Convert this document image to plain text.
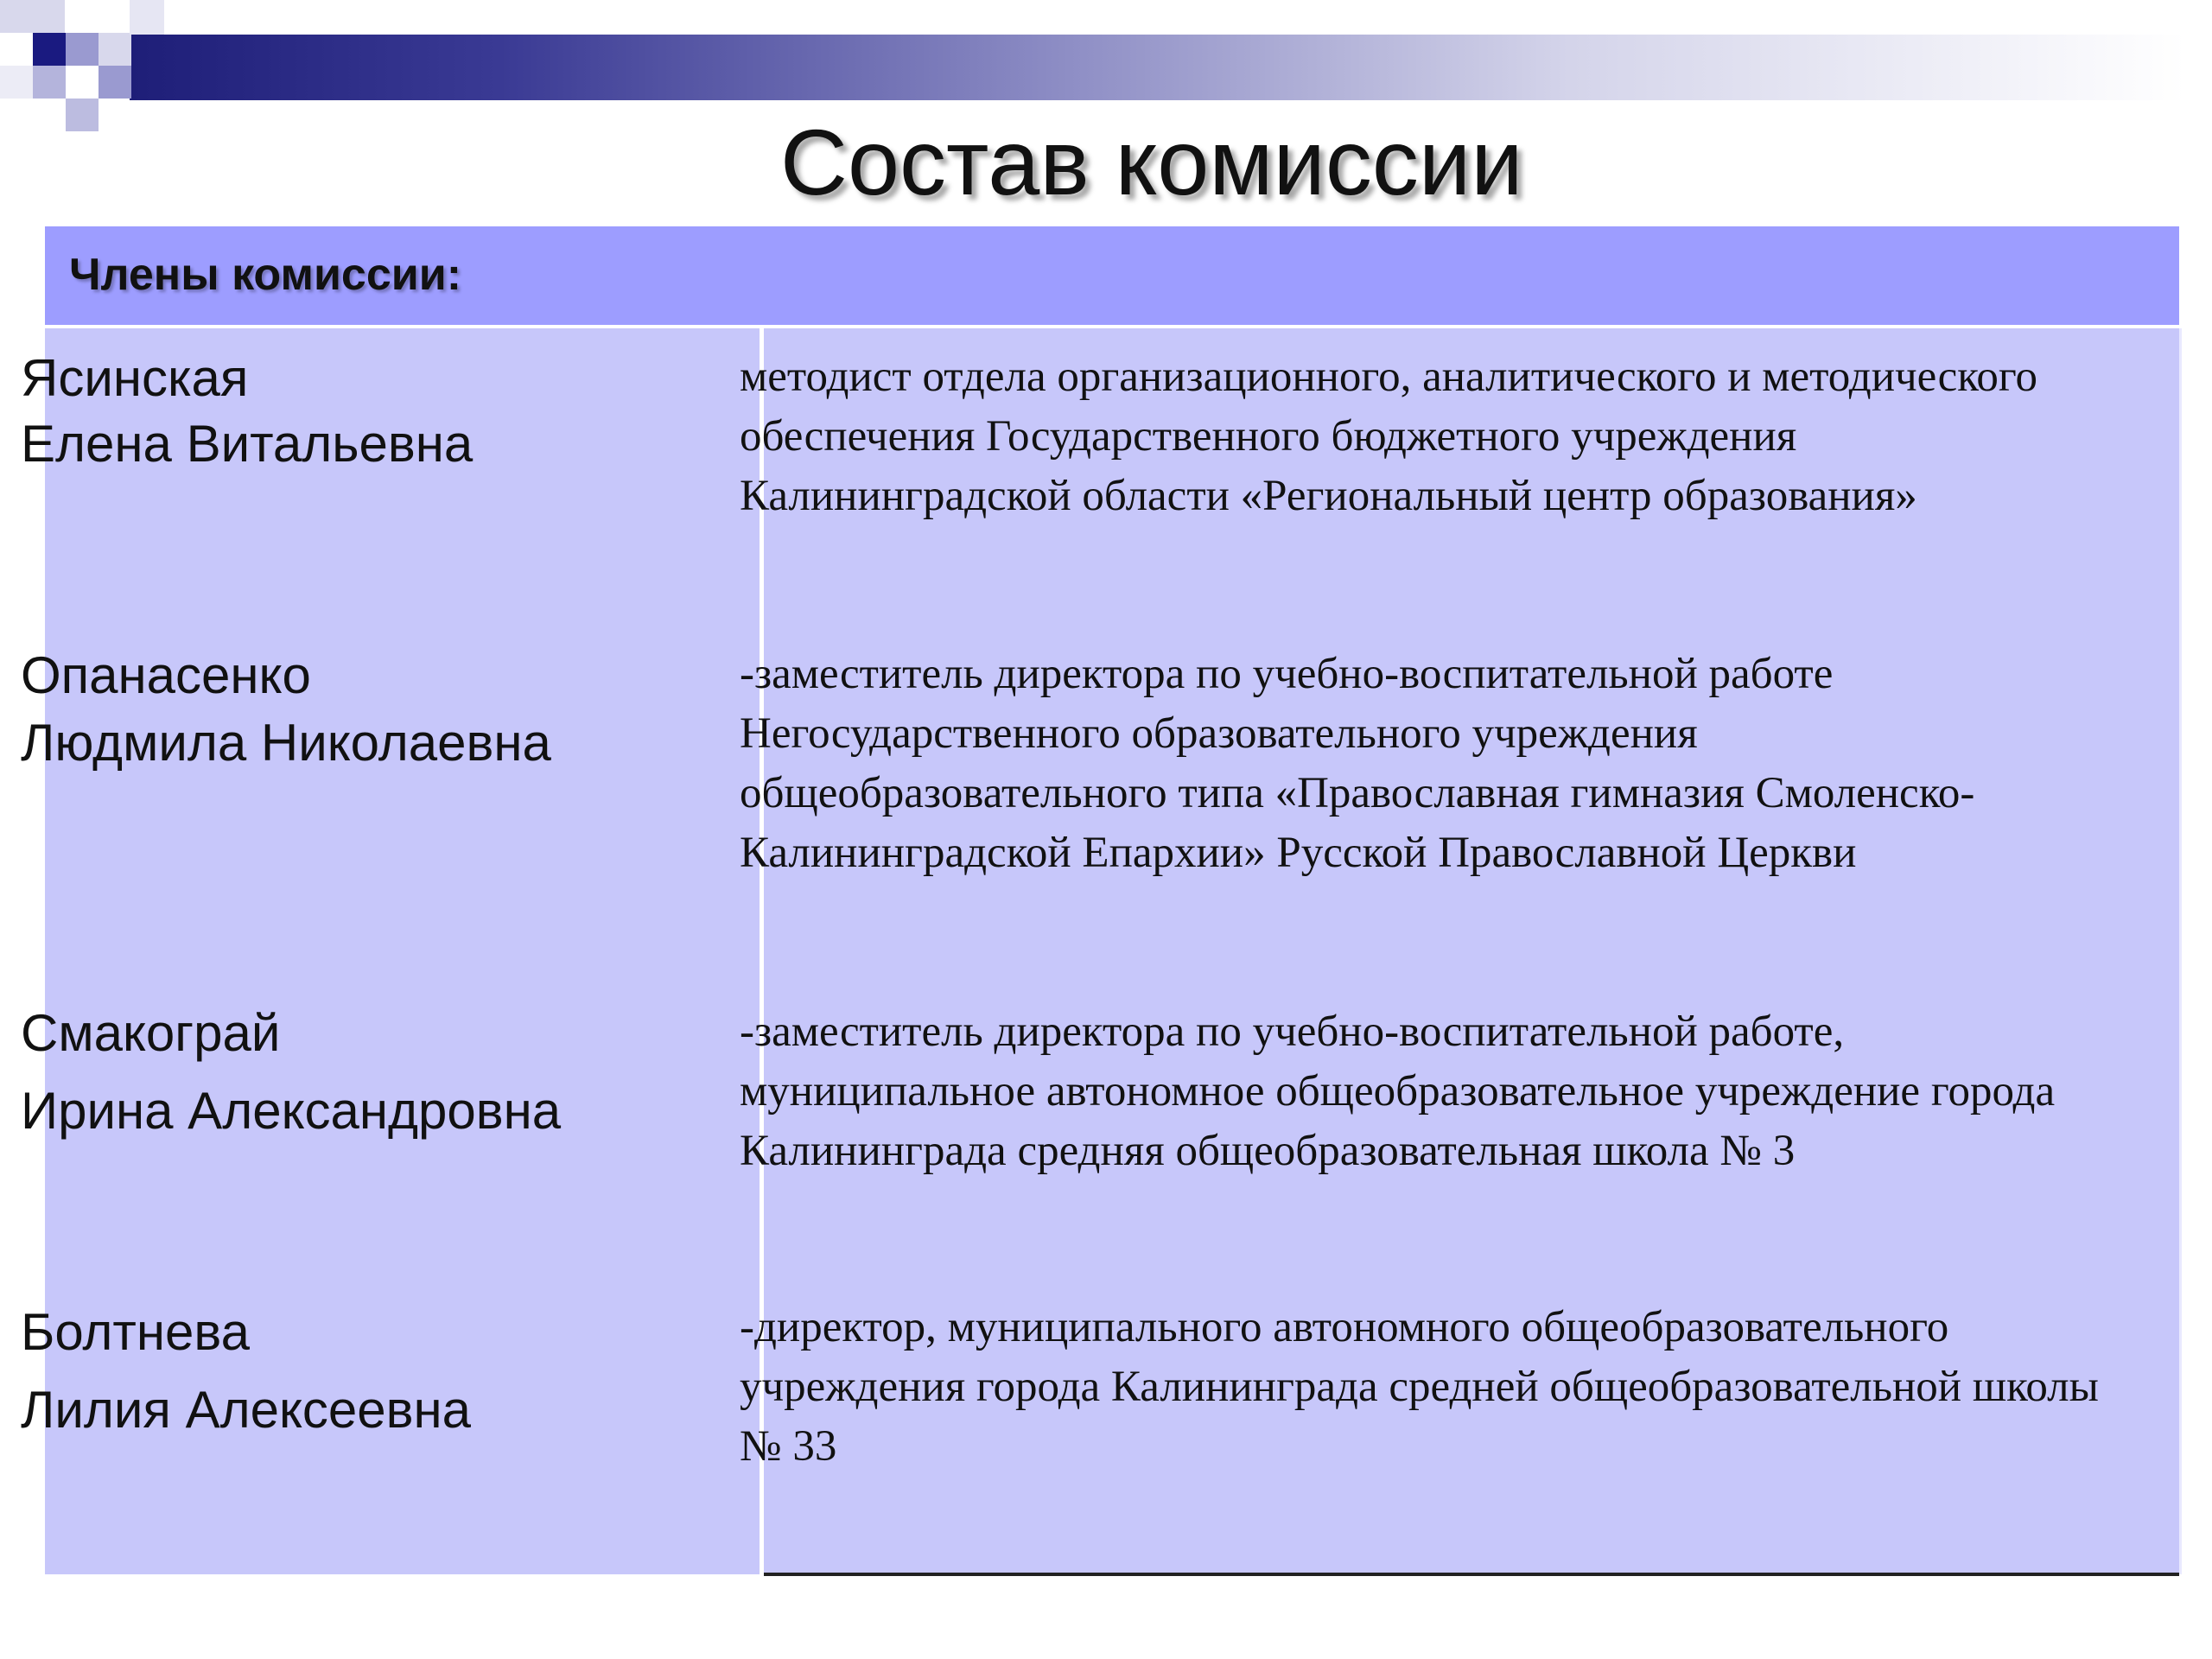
Состав комиссии
Члены комиссии:
Ясинская
Елена Витальевна
методист отдела организационного, аналитического и методического обеспечения Государственного бюджетного учреждения Калининградской области «Региональный центр образования»
Опанасенко
Людмила Николаевна
-заместитель директора по учебно-воспитательной работе Негосударственного образовательного учреждения общеобразовательного типа «Православная гимназия Смоленско-Калининградской Епархии» Русской Православной Церкви
Смакограй
Ирина Александровна
-заместитель директора по учебно-воспитательной работе, муниципальное автономное общеобразовательное учреждение города Калининграда средняя общеобразовательная школа № 3
Болтнева
Лилия Алексеевна
-директор, муниципального автономного общеобразовательного учреждения города Калининграда средней общеобразовательной школы № 33
